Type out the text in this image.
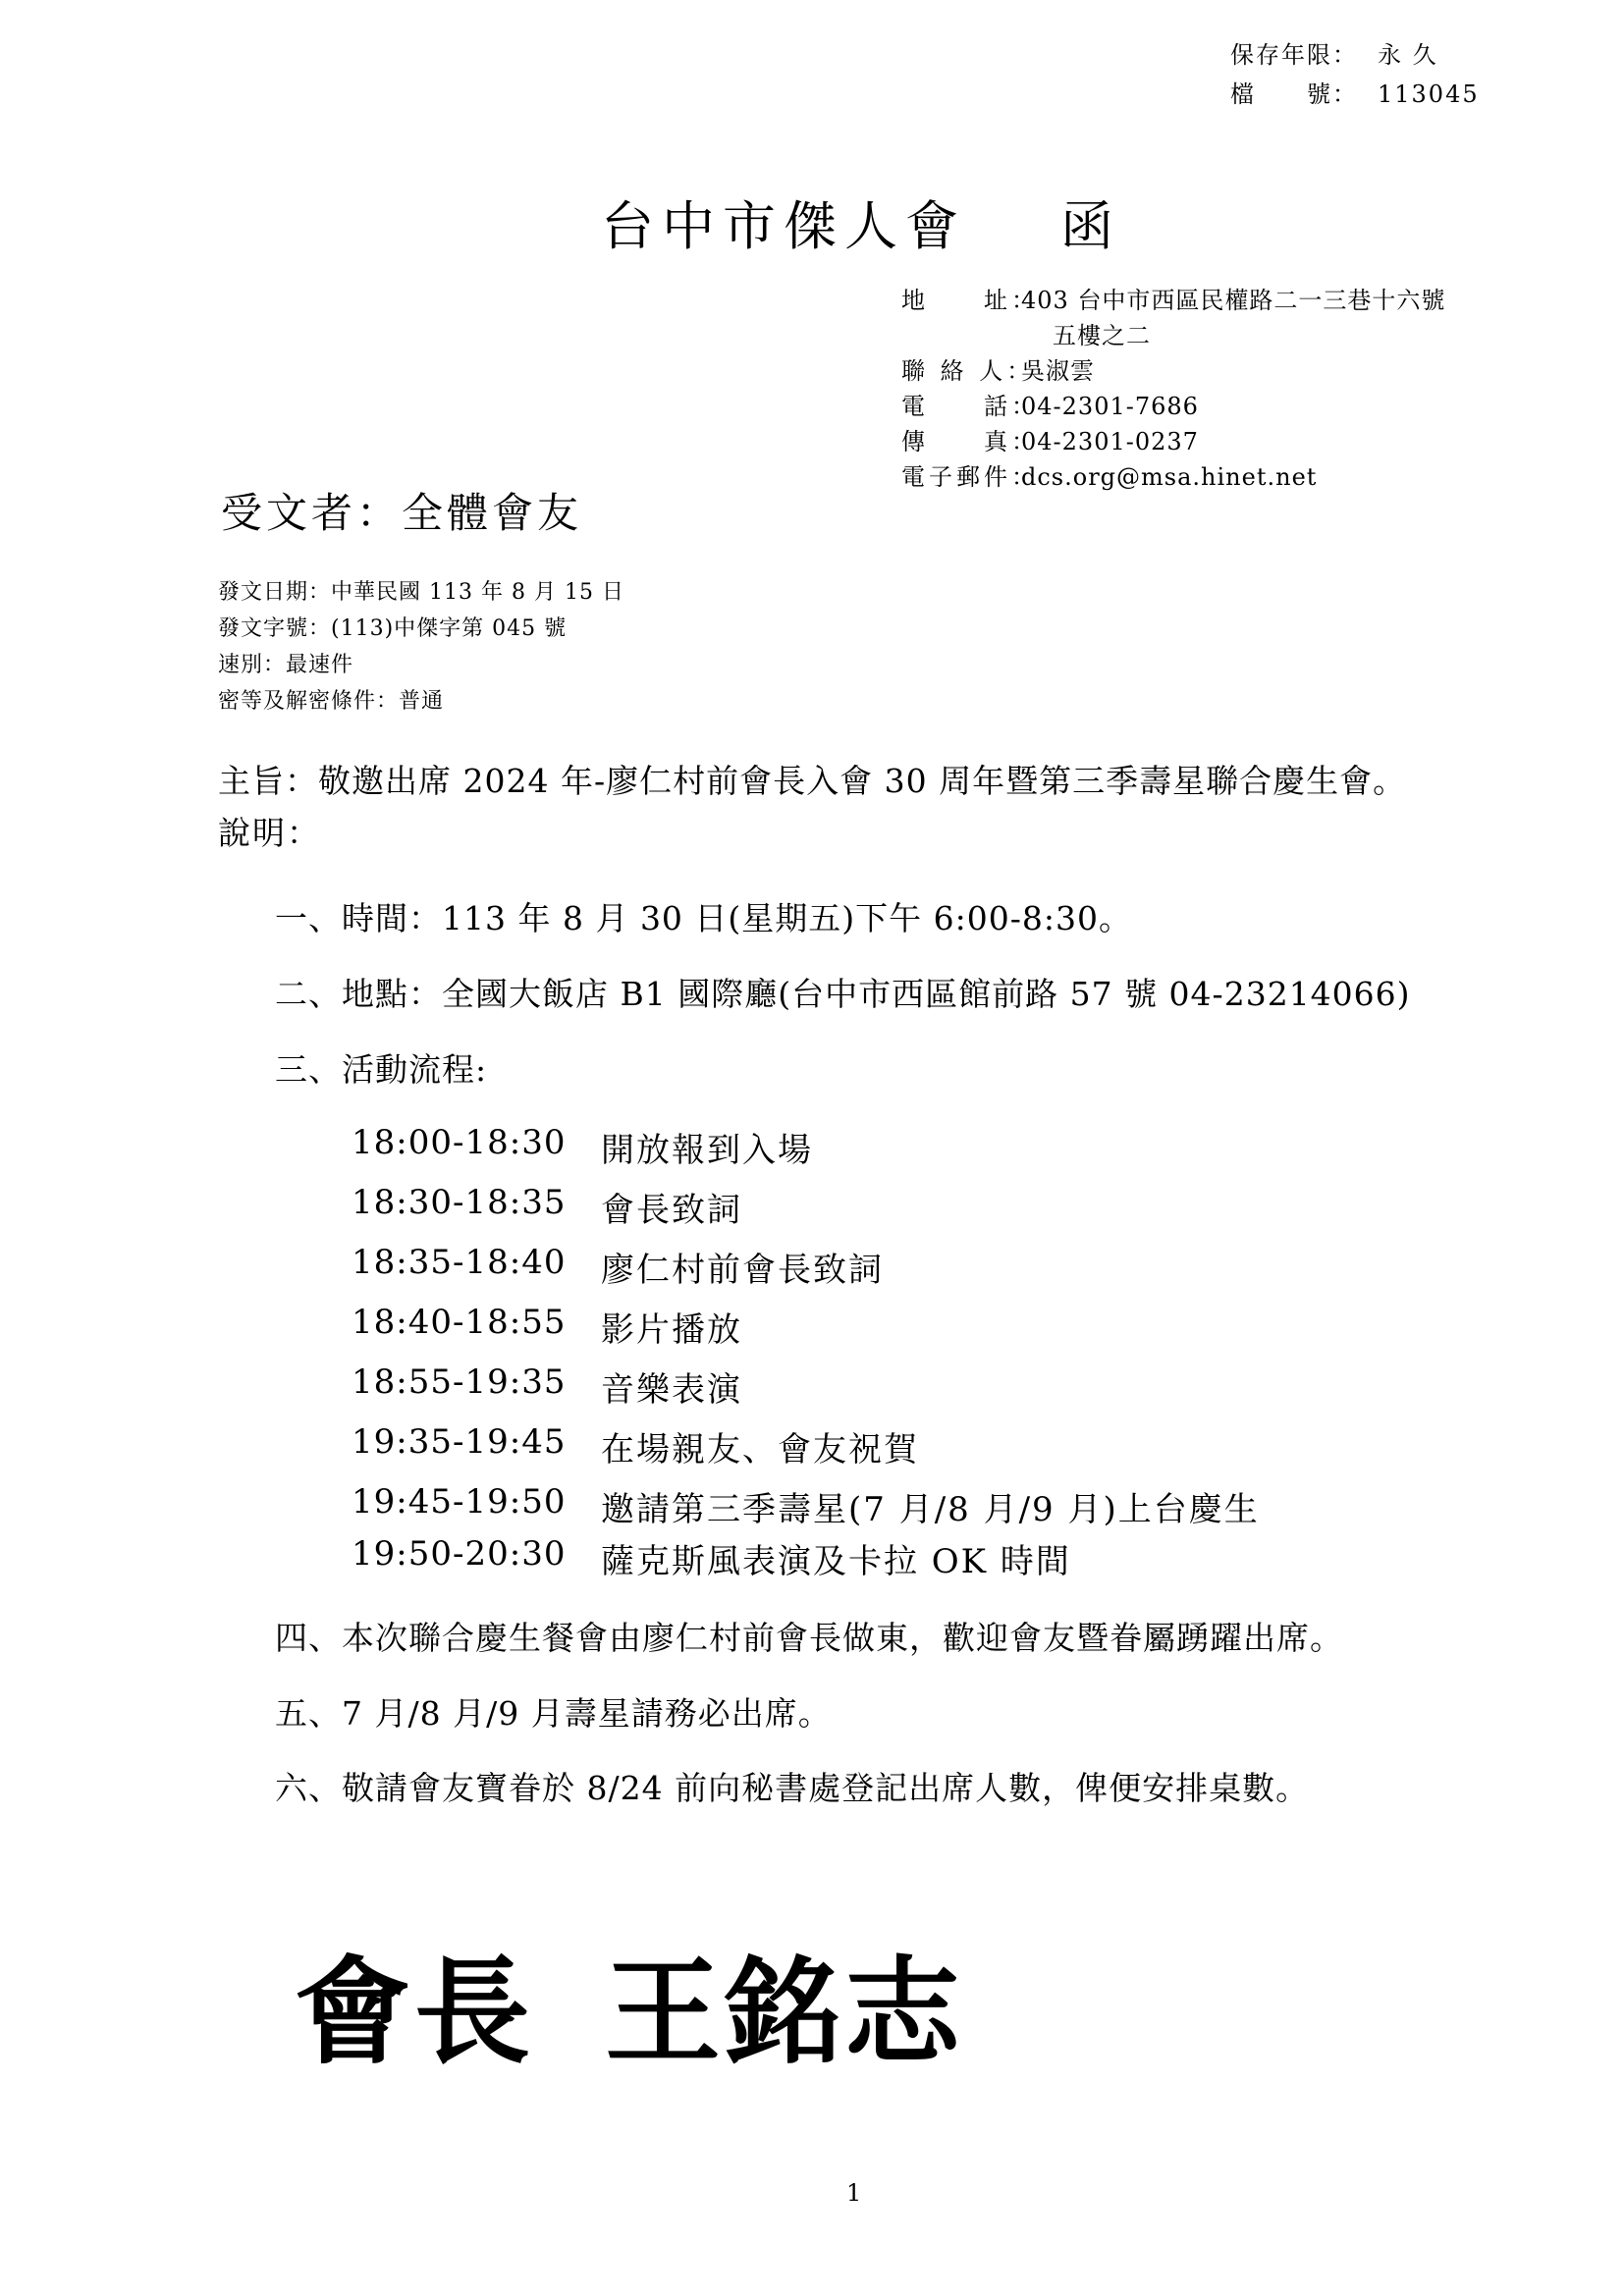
保存年限： 永 久
檔　　號： 113045
台中市傑人會 函
地　　址：403 台中市西區民權路二一三巷十六號
五樓之二
聯 絡 人：吳淑雲
電　　話：04-2301-7686
傳　　真：04-2301-0237
電子郵件：dcs.org@msa.hinet.net
受文者：全體會友
發文日期：中華民國 113 年 8 月 15 日
發文字號：(113)中傑字第 045 號
速別：最速件
密等及解密條件：普通
主旨：敬邀出席 2024 年-廖仁村前會長入會 30 周年暨第三季壽星聯合慶生會。
說明：
一、時間：113 年 8 月 30 日(星期五)下午 6:00-8:30。
二、地點：全國大飯店 B1 國際廳(台中市西區館前路 57 號 04-23214066)
三、活動流程:
18:00-18:30 開放報到入場
18:30-18:35 會長致詞
18:35-18:40 廖仁村前會長致詞
18:40-18:55 影片播放
18:55-19:35 音樂表演
19:35-19:45 在場親友、會友祝賀
19:45-19:50 邀請第三季壽星(7 月/8 月/9 月)上台慶生
19:50-20:30 薩克斯風表演及卡拉 OK 時間
四、本次聯合慶生餐會由廖仁村前會長做東，歡迎會友暨眷屬踴躍出席。
五、7 月/8 月/9 月壽星請務必出席。
六、敬請會友寶眷於 8/24 前向秘書處登記出席人數，俾便安排桌數。
會長 王銘志
1
